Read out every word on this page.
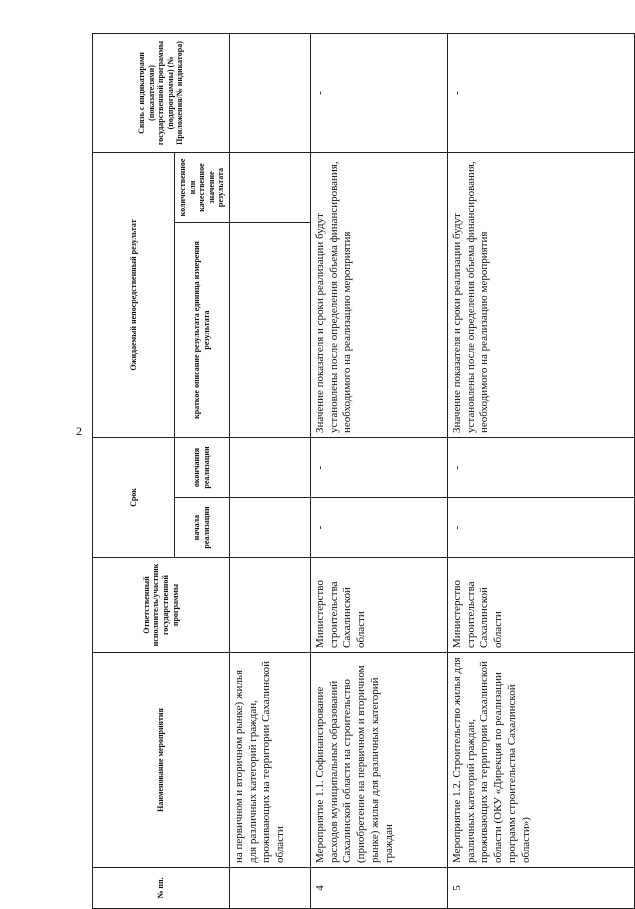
2
№ пп.	Наименование мероприятия	Ответственный исполнитель/участник государственной программы	Срок		Ожидаемый непосредственный результат		Связь с индикаторами (показателями) государственной программы (подпрограммы) (№ Приложения/№ индикатора)
			начала реализации	окончания реализации	краткое описание результата единица измерения результата	количественное или качественное значение результата	
	на первичном и вторичном рынке) жилья для различных категорий граждан, проживающих на территории Сахалинской области						
4	Мероприятие 1.1. Софинансирование расходов муниципальных образований Сахалинской области на строительство (приобретение на первичном и вторичном рынке) жилья для различных категорий граждан	Министерство строительства Сахалинской области	-	-	Значение показателя и сроки реализации будут установлены после определения объема финансирования, необходимого на реализацию мероприятия		-
5	Мероприятие 1.2. Строительство жилья для различных категорий граждан, проживающих на территории Сахалинской области (ОКУ «Дирекция по реализации программ строительства Сахалинской области»)	Министерство строительства Сахалинской области	-	-	Значение показателя и сроки реализации будут установлены после определения объема финансирования, необходимого на реализацию мероприятия		-
